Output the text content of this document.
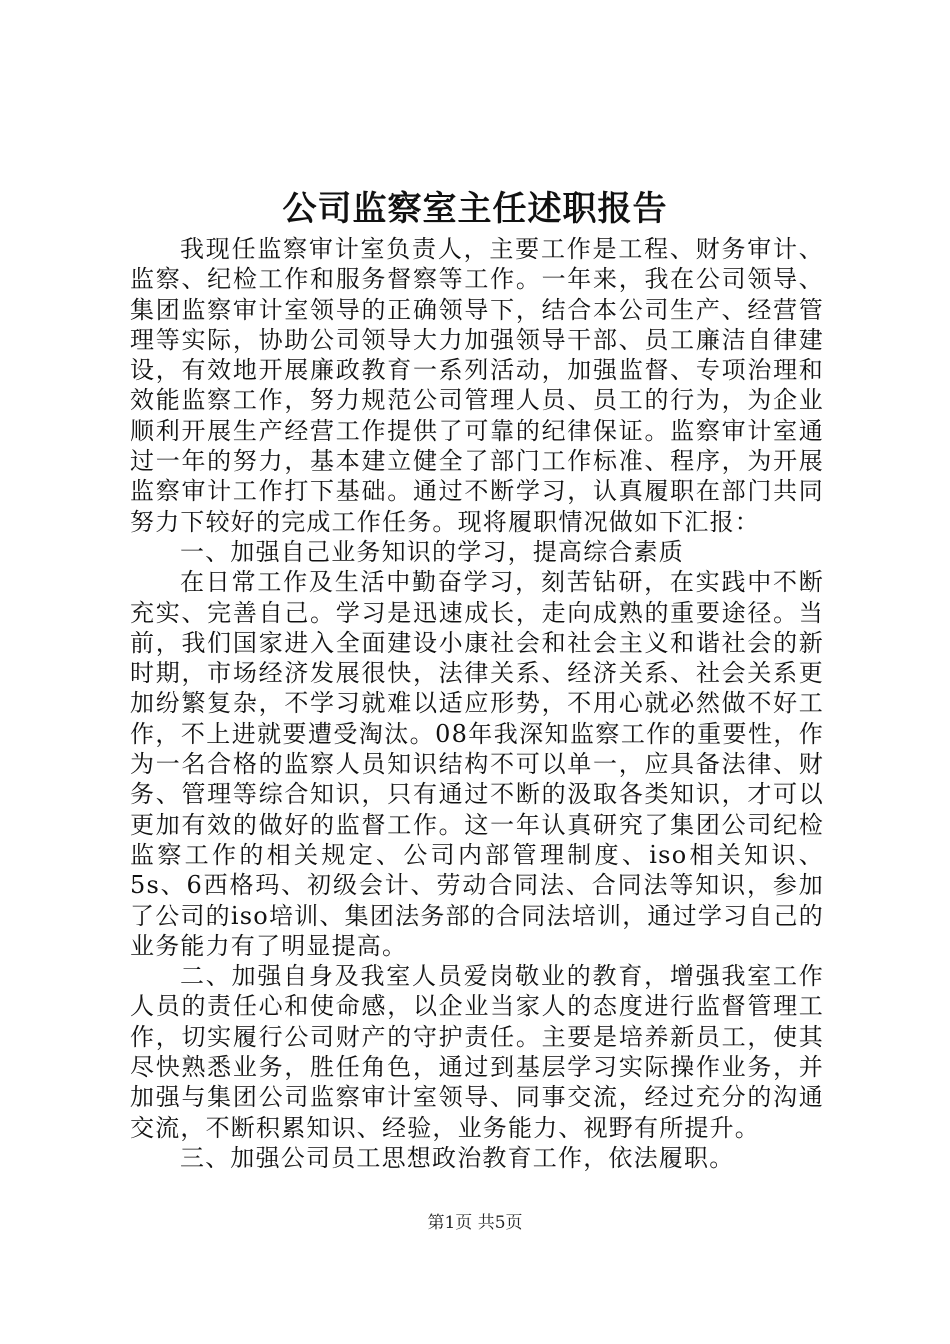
公司监察室主任述职报告

我现任监察审计室负责人，主要工作是工程、财务审计、监察、纪检工作和服务督察等工作。一年来，我在公司领导、集团监察审计室领导的正确领导下，结合本公司生产、经营管理等实际，协助公司领导大力加强领导干部、员工廉洁自律建设，有效地开展廉政教育一系列活动，加强监督、专项治理和效能监察工作，努力规范公司管理人员、员工的行为，为企业顺利开展生产经营工作提供了可靠的纪律保证。监察审计室通过一年的努力，基本建立健全了部门工作标准、程序，为开展监察审计工作打下基础。通过不断学习，认真履职在部门共同努力下较好的完成工作任务。现将履职情况做如下汇报：

一、加强自己业务知识的学习，提高综合素质

在日常工作及生活中勤奋学习，刻苦钻研，在实践中不断充实、完善自己。学习是迅速成长，走向成熟的重要途径。当前，我们国家进入全面建设小康社会和社会主义和谐社会的新时期，市场经济发展很快，法律关系、经济关系、社会关系更加纷繁复杂，不学习就难以适应形势，不用心就必然做不好工作，不上进就要遭受淘汰。08年我深知监察工作的重要性，作为一名合格的监察人员知识结构不可以单一，应具备法律、财务、管理等综合知识，只有通过不断的汲取各类知识，才可以更加有效的做好的监督工作。这一年认真研究了集团公司纪检监察工作的相关规定、公司内部管理制度、iso相关知识、5s、6西格玛、初级会计、劳动合同法、合同法等知识，参加了公司的iso培训、集团法务部的合同法培训，通过学习自己的业务能力有了明显提高。

二、加强自身及我室人员爱岗敬业的教育，增强我室工作人员的责任心和使命感，以企业当家人的态度进行监督管理工作，切实履行公司财产的守护责任。主要是培养新员工，使其尽快熟悉业务，胜任角色，通过到基层学习实际操作业务，并加强与集团公司监察审计室领导、同事交流，经过充分的沟通交流，不断积累知识、经验，业务能力、视野有所提升。

三、加强公司员工思想政治教育工作，依法履职。

第1页 共5页
